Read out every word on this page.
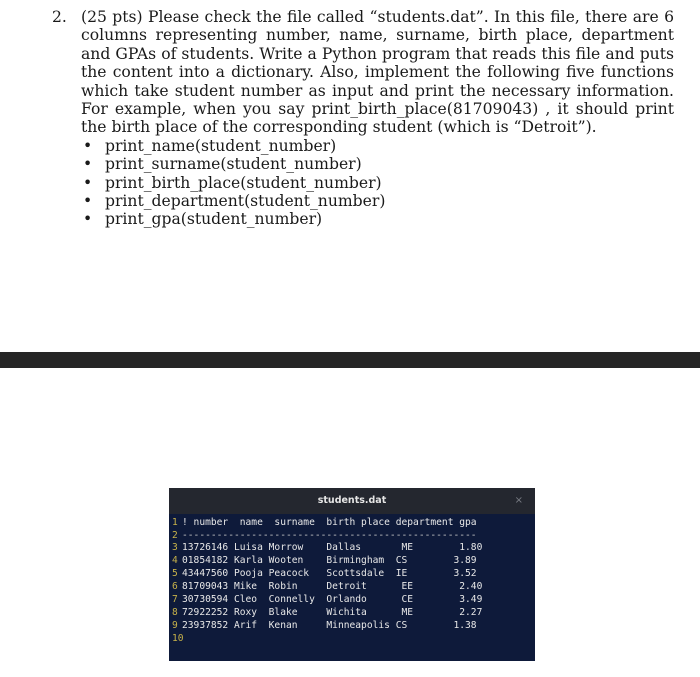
2. (25 pts) Please check the file called “students.dat”. In this file, there are 6 columns representing number, name, surname, birth place, department and GPAs of students. Write a Python program that reads this file and puts the content into a dictionary. Also, implement the following five functions which take student number as input and print the necessary information. For example, when you say print_birth_place(81709043) , it should print the birth place of the corresponding student (which is “Detroit”).
• print_name(student_number)
• print_surname(student_number)
• print_birth_place(student_number)
• print_department(student_number)
• print_gpa(student_number)
students.dat	×
1 ! number  name  surname  birth place department gpa
2 ---------------------------------------------------
3 13726146 Luisa Morrow    Dallas       ME        1.80
4 01854182 Karla Wooten    Birmingham  CS        3.89
5 43447560 Pooja Peacock   Scottsdale  IE        3.52
6 81709043 Mike  Robin     Detroit      EE        2.40
7 30730594 Cleo  Connelly  Orlando      CE        3.49
8 72922252 Roxy  Blake     Wichita      ME        2.27
9 23937852 Arif  Kenan     Minneapolis CS        1.38
10
